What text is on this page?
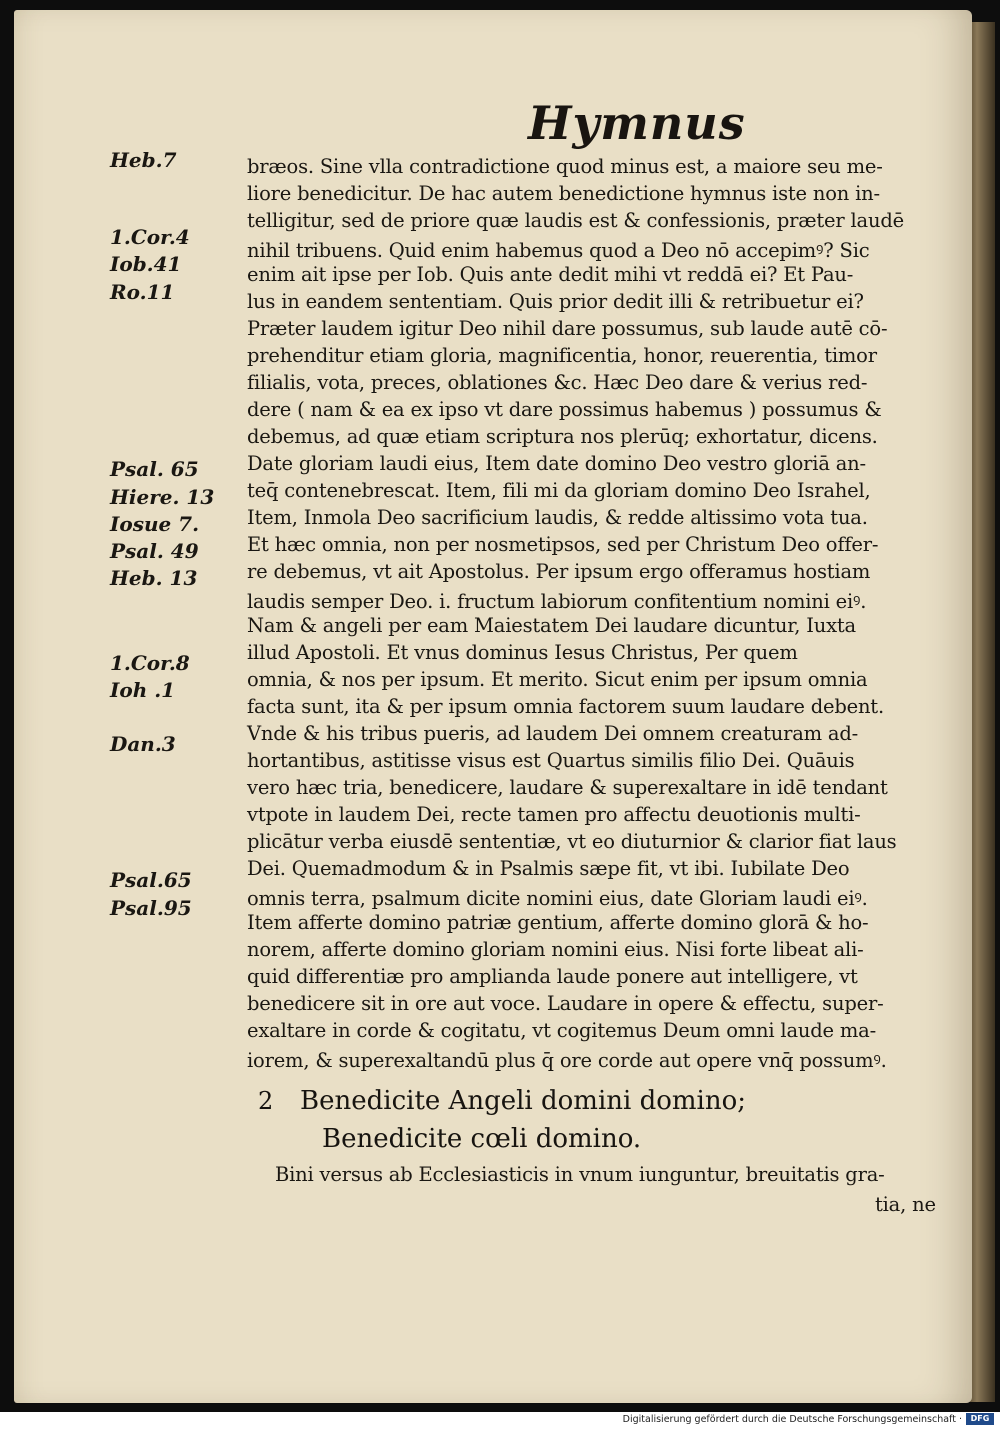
Hymnus
Heb.7
1.Cor.4
Iob.41
Ro.11
Psal. 65
Hiere. 13
Iosue 7.
Psal. 49
Heb. 13
1.Cor.8
Ioh .1
Dan.3
Psal.65
Psal.95
bræos. Sine vlla contradictione quod minus est, a maiore seu me-
liore benedicitur. De hac autem benedictione hymnus iste non in-
telligitur, sed de priore quæ laudis est & confessionis, præter laudē
nihil tribuens. Quid enim habemus quod a Deo nō accepimꝰ? Sic
enim ait ipse per Iob. Quis ante dedit mihi vt reddā ei? Et Pau-
lus in eandem sententiam. Quis prior dedit illi & retribuetur ei?
Præter laudem igitur Deo nihil dare possumus, sub laude autē cō-
prehenditur etiam gloria, magnificentia, honor, reuerentia, timor
filialis, vota, preces, oblationes &c. Hæc Deo dare & verius red-
dere ( nam & ea ex ipso vt dare possimus habemus ) possumus &
debemus, ad quæ etiam scriptura nos plerūq; exhortatur, dicens.
Date gloriam laudi eius, Item date domino Deo vestro gloriā an-
teq̄ contenebrescat. Item, fili mi da gloriam domino Deo Israhel,
Item, Inmola Deo sacrificium laudis, & redde altissimo vota tua.
Et hæc omnia, non per nosmetipsos, sed per Christum Deo offer-
re debemus, vt ait Apostolus. Per ipsum ergo offeramus hostiam
laudis semper Deo. i. fructum labiorum confitentium nomini eiꝰ.
Nam & angeli per eam Maiestatem Dei laudare dicuntur, Iuxta
illud Apostoli. Et vnus dominus Iesus Christus, Per quem
omnia, & nos per ipsum. Et merito. Sicut enim per ipsum omnia
facta sunt, ita & per ipsum omnia factorem suum laudare debent.
Vnde & his tribus pueris, ad laudem Dei omnem creaturam ad-
hortantibus, astitisse visus est Quartus similis filio Dei. Quāuis
vero hæc tria, benedicere, laudare & superexaltare in idē tendant
vtpote in laudem Dei, recte tamen pro affectu deuotionis multi-
plicātur verba eiusdē sententiæ, vt eo diuturnior & clarior fiat laus
Dei. Quemadmodum & in Psalmis sæpe fit, vt ibi. Iubilate Deo
omnis terra, psalmum dicite nomini eius, date Gloriam laudi eiꝰ.
Item afferte domino patriæ gentium, afferte domino glorā & ho-
norem, afferte domino gloriam nomini eius. Nisi forte libeat ali-
quid differentiæ pro amplianda laude ponere aut intelligere, vt
benedicere sit in ore aut voce. Laudare in opere & effectu, super-
exaltare in corde & cogitatu, vt cogitemus Deum omni laude ma-
iorem, & superexaltandū plus q̄ ore corde aut opere vnq̄ possumꝰ.
2 Benedicite Angeli domini domino;
Benedicite cœli domino.
Bini versus ab Ecclesiasticis in vnum iunguntur, breuitatis gra-
tia, ne
Digitalisierung gefördert durch die Deutsche Forschungsgemeinschaft ·	DFG
